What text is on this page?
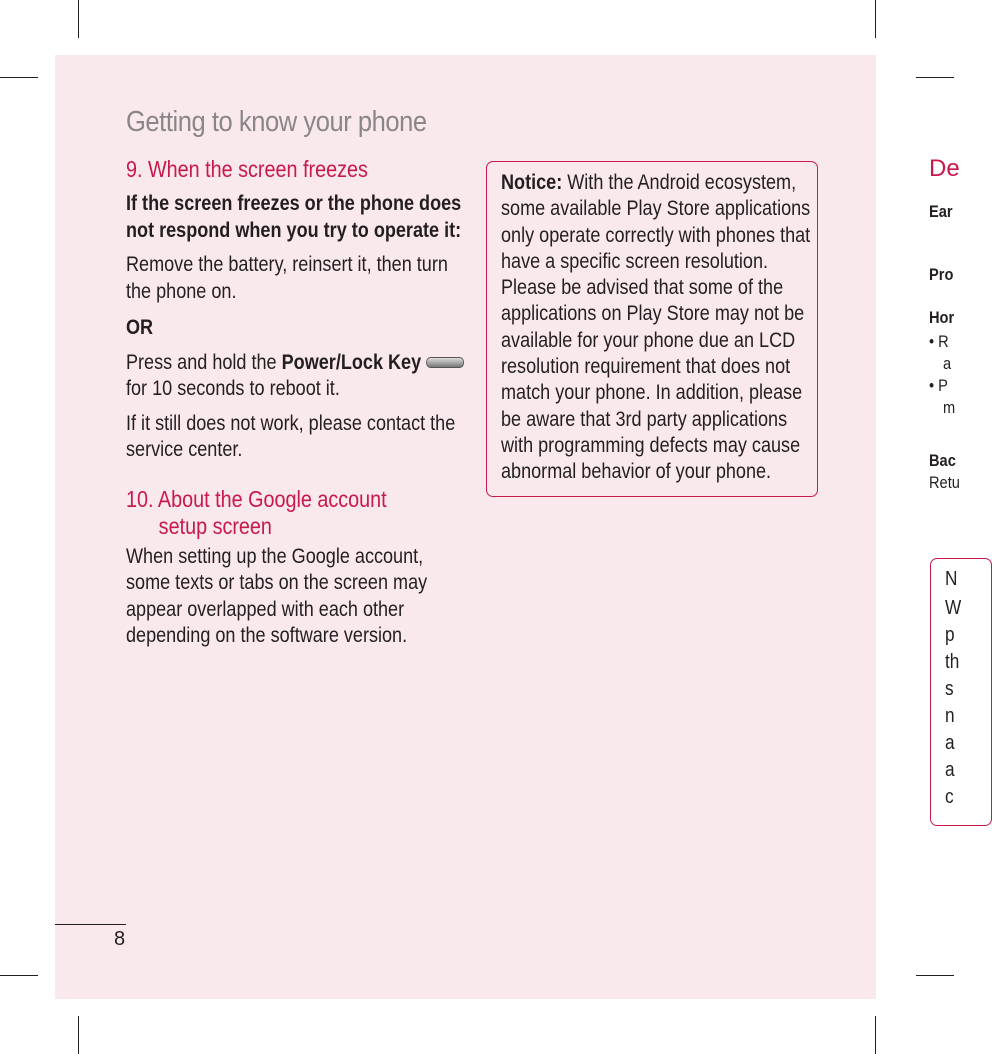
Getting to know your phone
9. When the screen freezes

If the screen freezes or the phone does not respond when you try to operate it:

Remove the battery, reinsert it, then turn the phone on.

OR

Press and hold the Power/Lock Key
for 10 seconds to reboot it.

If it still does not work, please contact the service center.

10. About the Google account
setup screen

When setting up the Google account, some texts or tabs on the screen may appear overlapped with each other depending on the software version.

Notice: With the Android ecosystem, some available Play Store applications only operate correctly with phones that have a specific screen resolution. Please be advised that some of the applications on Play Store may not be available for your phone due an LCD resolution requirement that does not match your phone. In addition, please be aware that 3rd party applications with programming defects may cause abnormal behavior of your phone.

De
Ear
Pro
Hor
• R
a
• P
m
Bac
Retu
N
W
p
th
s
n
a
a
c
8
